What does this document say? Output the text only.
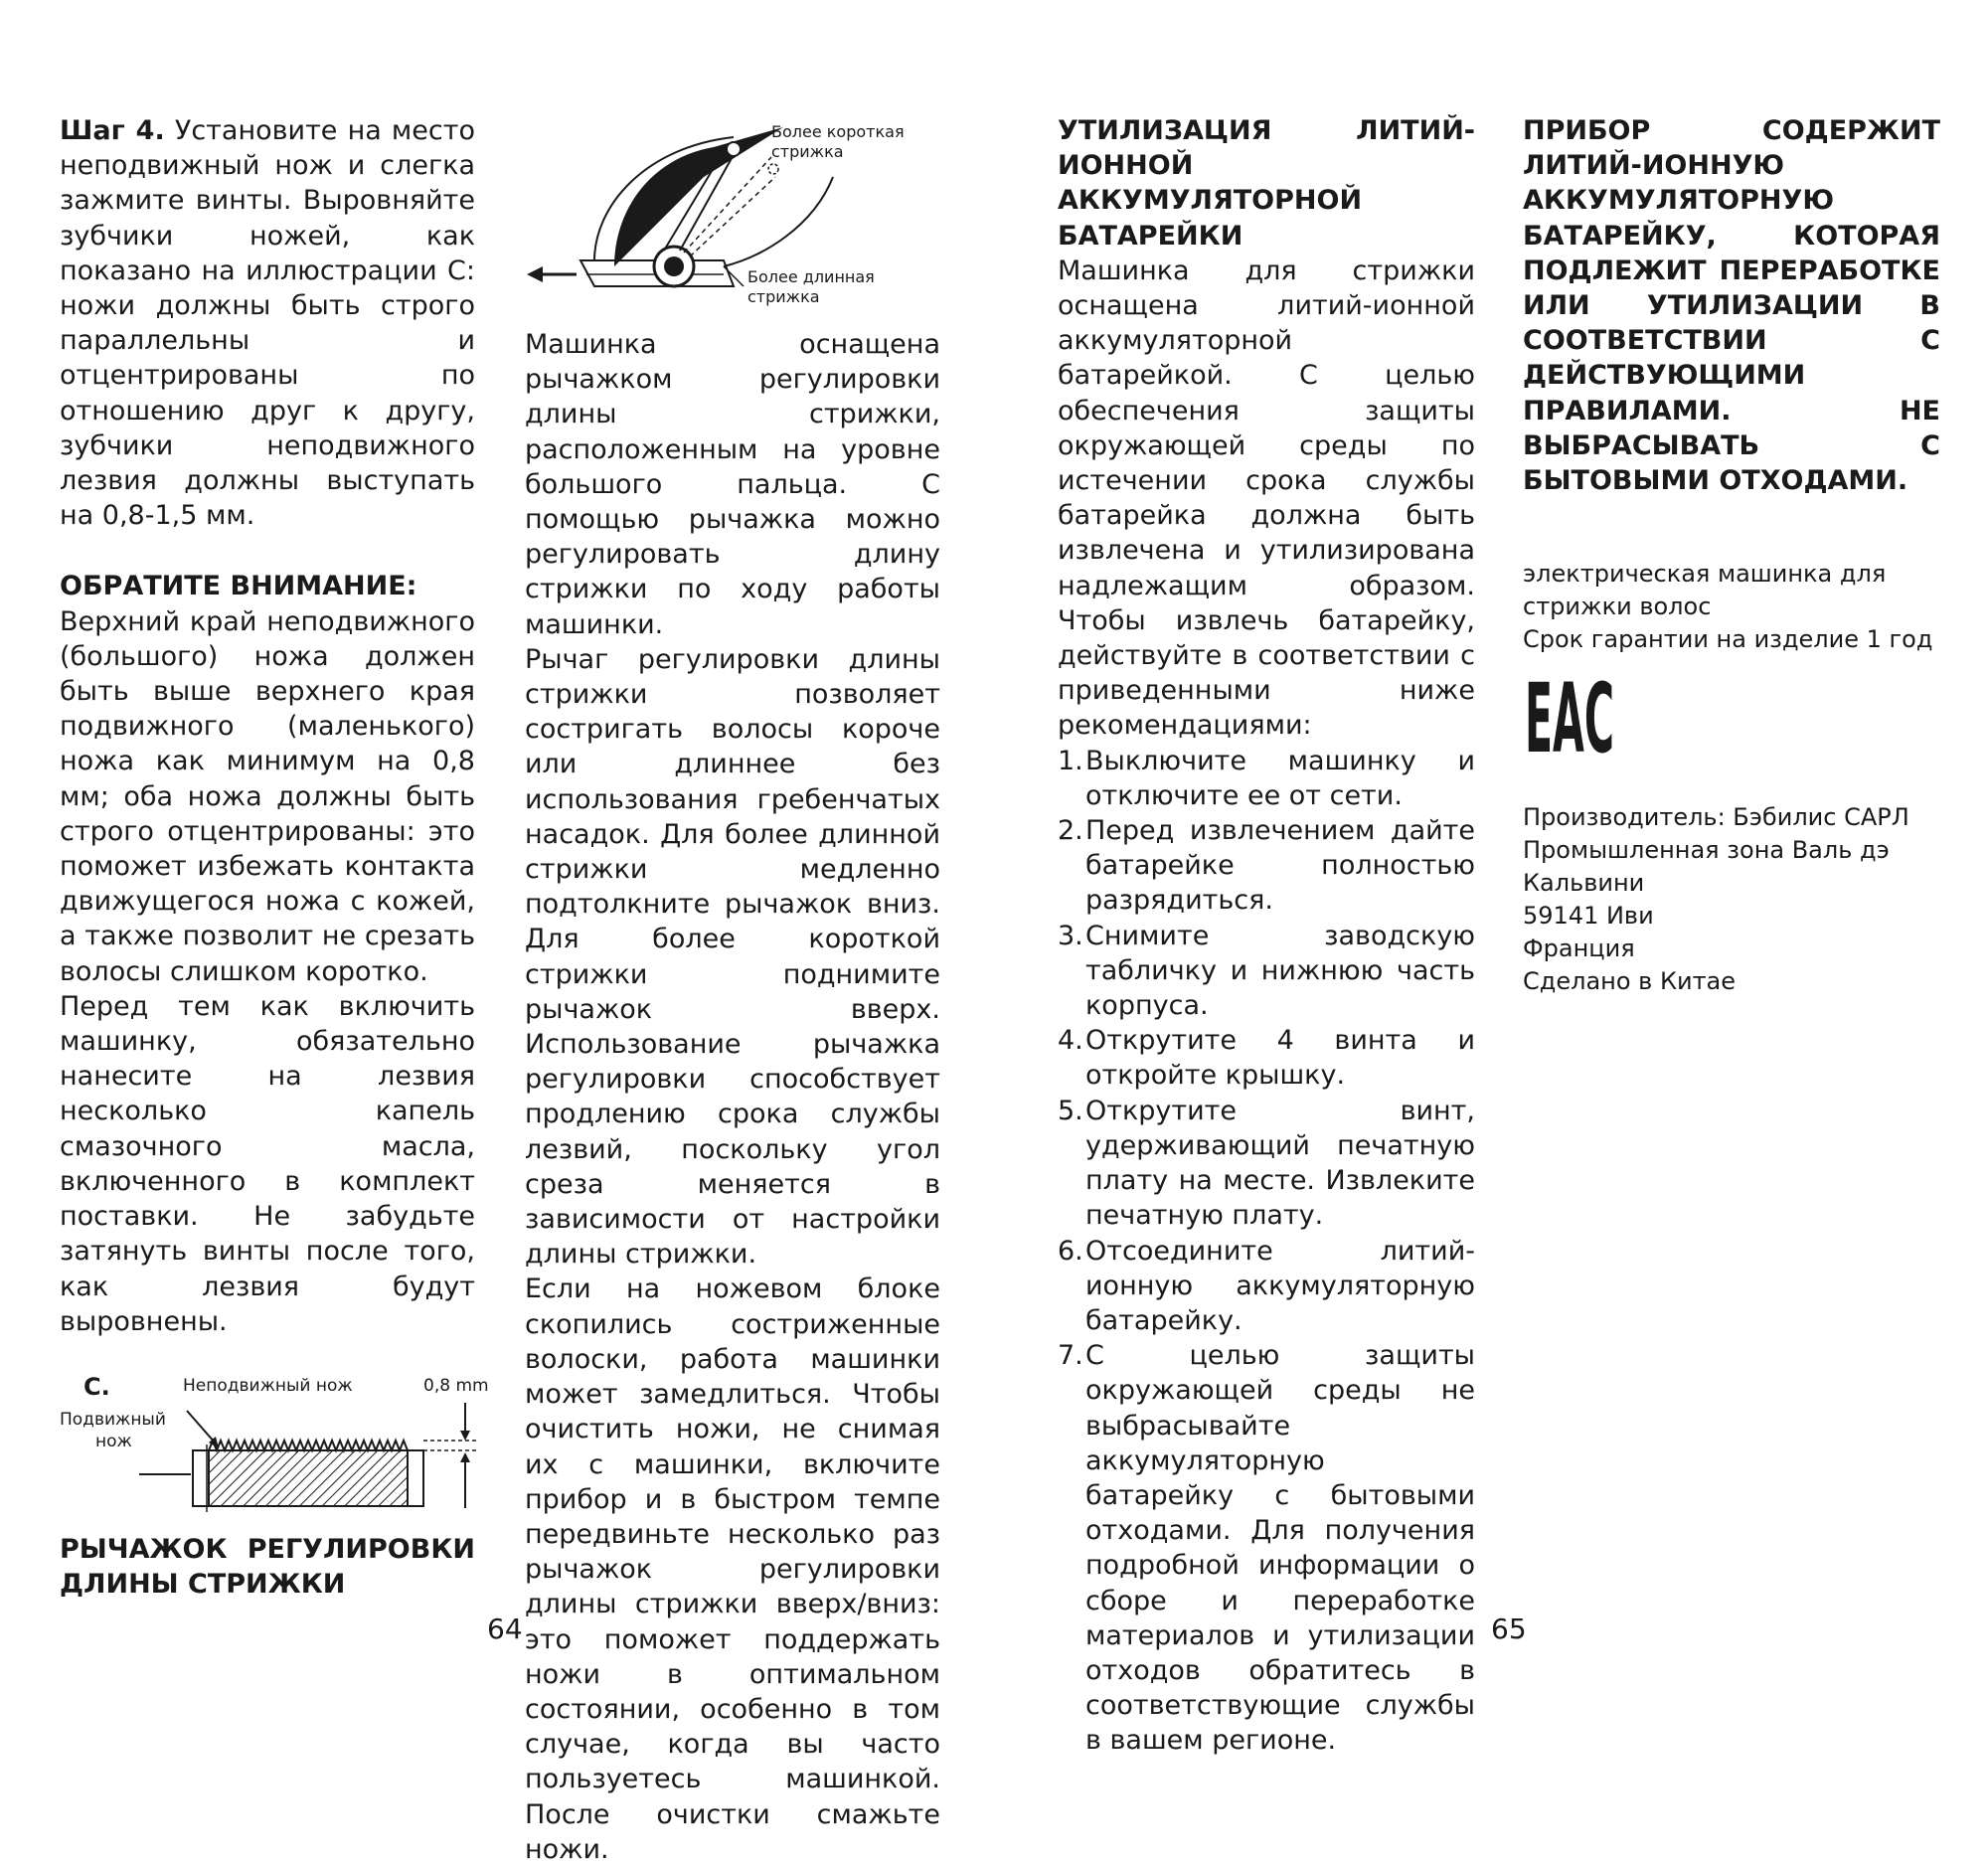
Шаг 4. Установите на место неподвижный нож и слегка зажмите винты. Выровняйте зубчики ножей, как показано на иллюстрации C: ножи должны быть строго параллельны и отцентрированы по отношению друг к другу, зубчики неподвижного лезвия должны выступать на 0,8-1,5 мм.

ОБРАТИТЕ ВНИМАНИЕ:

Верхний край неподвижного (большого) ножа должен быть выше верхнего края подвижного (маленького) ножа как минимум на 0,8 мм; оба ножа должны быть строго отцентрированы: это поможет избежать контакта движущегося ножа с кожей, а также позволит не срезать волосы слишком коротко.

Перед тем как включить машинку, обязательно нанесите на лезвия несколько капель смазочного масла, включенного в комплект поставки. Не забудьте затянуть винты после того, как лезвия будут выровнены.

C.	Неподвижный нож	0,8 mm
Подвижный
нож

РЫЧАЖОК РЕГУЛИРОВКИ ДЛИНЫ СТРИЖКИ

Более короткая
стрижка
Более длинная
стрижка

Машинка оснащена рычажком регулировки длины стрижки, расположенным на уровне большого пальца. С помощью рычажка можно регулировать длину стрижки по ходу работы машинки.

Рычаг регулировки длины стрижки позволяет состригать волосы короче или длиннее без использования гребенчатых насадок. Для более длинной стрижки медленно подтолкните рычажок вниз. Для более короткой стрижки поднимите рычажок вверх. Использование рычажка регулировки способствует продлению срока службы лезвий, поскольку угол среза меняется в зависимости от настройки длины стрижки.

Если на ножевом блоке скопились состриженные волоски, работа машинки может замедлиться. Чтобы очистить ножи, не снимая их с машинки, включите прибор и в быстром темпе передвиньте несколько раз рычажок регулировки длины стрижки вверх/вниз: это поможет поддержать ножи в оптимальном состоянии, особенно в том случае, когда вы часто пользуетесь машинкой. После очистки смажьте ножи.

64

УТИЛИЗАЦИЯ ЛИТИЙ-ИОННОЙ АККУМУЛЯТОРНОЙ БАТАРЕЙКИ

Машинка для стрижки оснащена литий-ионной аккумуляторной батарейкой. С целью обеспечения защиты окружающей среды по истечении срока службы батарейка должна быть извлечена и утилизирована надлежащим образом. Чтобы извлечь батарейку, действуйте в соответствии с приведенными ниже рекомендациями:

1. Выключите машинку и отключите ее от сети.
2. Перед извлечением дайте батарейке полностью разрядиться.
3. Снимите заводскую табличку и нижнюю часть корпуса.
4. Открутите 4 винта и откройте крышку.
5. Открутите винт, удерживающий печатную плату на месте. Извлеките печатную плату.
6. Отсоедините литий-ионную аккумуляторную батарейку.
7. С целью защиты окружающей среды не выбрасывайте аккумуляторную батарейку с бытовыми отходами. Для получения подробной информации о сборе и переработке материалов и утилизации отходов обратитесь в соответствующие службы в вашем регионе.

ПРИБОР СОДЕРЖИТ ЛИТИЙ-ИОННУЮ АККУМУЛЯТОРНУЮ БАТАРЕЙКУ, КОТОРАЯ ПОДЛЕЖИТ ПЕРЕРАБОТКЕ ИЛИ УТИЛИЗАЦИИ В СООТВЕТСТВИИ С ДЕЙСТВУЮЩИМИ ПРАВИЛАМИ. НЕ ВЫБРАСЫВАТЬ С БЫТОВЫМИ ОТХОДАМИ.

электрическая машинка для стрижки волос

Срок гарантии на изделие 1 год

EAC

Производитель: Бэбилис САРЛ

Промышленная зона Валь дэ Кальвини

59141 Иви

Франция

Сделано в Китае

65
